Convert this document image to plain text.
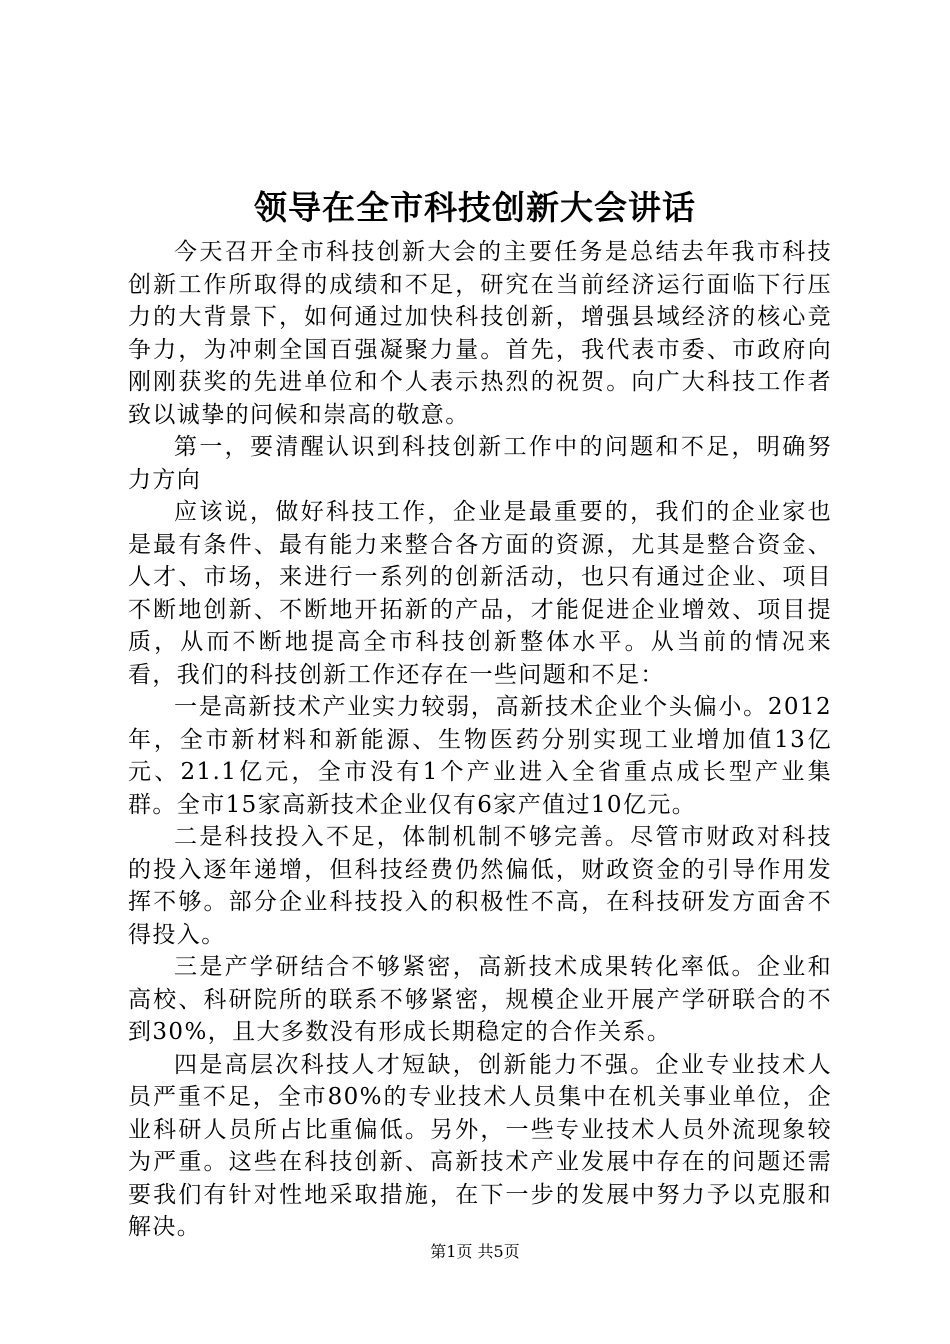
领导在全市科技创新大会讲话

今天召开全市科技创新大会的主要任务是总结去年我市科技创新工作所取得的成绩和不足，研究在当前经济运行面临下行压力的大背景下，如何通过加快科技创新，增强县域经济的核心竞争力，为冲刺全国百强凝聚力量。首先，我代表市委、市政府向刚刚获奖的先进单位和个人表示热烈的祝贺。向广大科技工作者致以诚挚的问候和崇高的敬意。

第一，要清醒认识到科技创新工作中的问题和不足，明确努力方向

应该说，做好科技工作，企业是最重要的，我们的企业家也是最有条件、最有能力来整合各方面的资源，尤其是整合资金、人才、市场，来进行一系列的创新活动，也只有通过企业、项目不断地创新、不断地开拓新的产品，才能促进企业增效、项目提质，从而不断地提高全市科技创新整体水平。从当前的情况来看，我们的科技创新工作还存在一些问题和不足：

一是高新技术产业实力较弱，高新技术企业个头偏小。2012年，全市新材料和新能源、生物医药分别实现工业增加值13亿元、21.1亿元，全市没有1个产业进入全省重点成长型产业集群。全市15家高新技术企业仅有6家产值过10亿元。

二是科技投入不足，体制机制不够完善。尽管市财政对科技的投入逐年递增，但科技经费仍然偏低，财政资金的引导作用发挥不够。部分企业科技投入的积极性不高，在科技研发方面舍不得投入。

三是产学研结合不够紧密，高新技术成果转化率低。企业和高校、科研院所的联系不够紧密，规模企业开展产学研联合的不到30%，且大多数没有形成长期稳定的合作关系。

四是高层次科技人才短缺，创新能力不强。企业专业技术人员严重不足，全市80%的专业技术人员集中在机关事业单位，企业科研人员所占比重偏低。另外，一些专业技术人员外流现象较为严重。这些在科技创新、高新技术产业发展中存在的问题还需要我们有针对性地采取措施，在下一步的发展中努力予以克服和解决。

第1页 共5页
